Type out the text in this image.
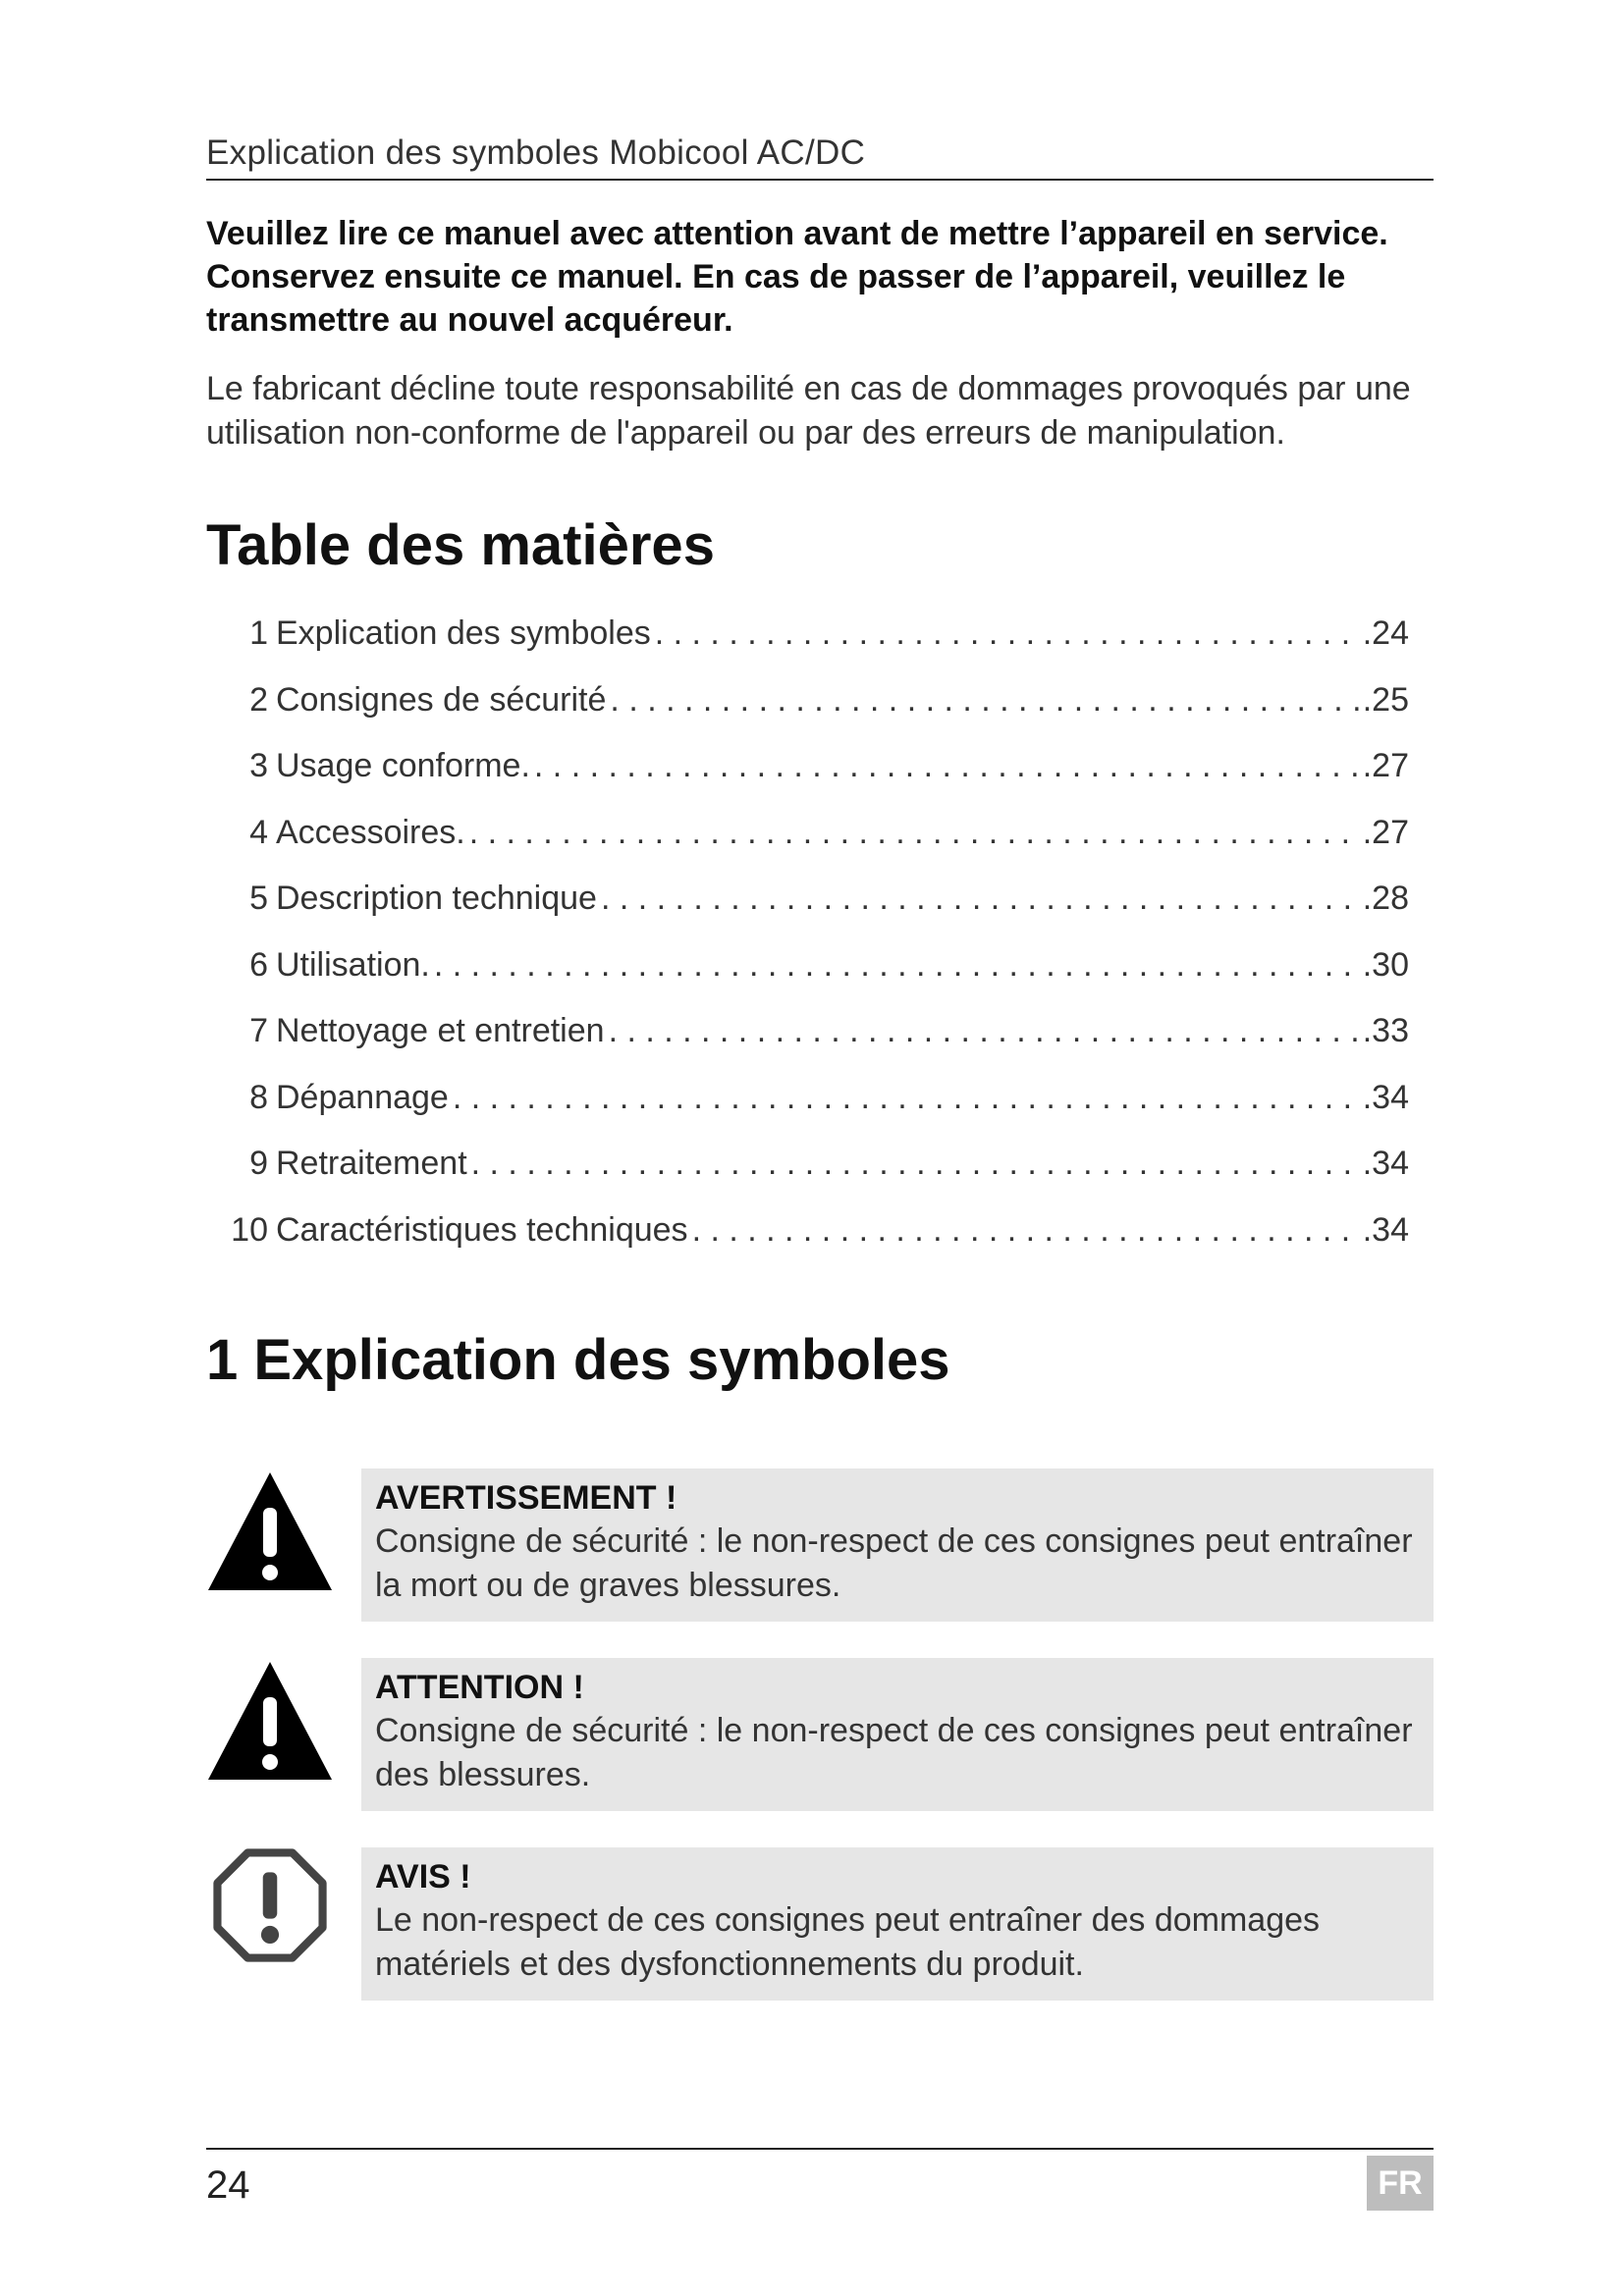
Explication des symboles Mobicool AC/DC
Veuillez lire ce manuel avec attention avant de mettre l’appareil en service. Conservez ensuite ce manuel. En cas de passer de l’appareil, veuillez le transmettre au nouvel acquéreur.
Le fabricant décline toute responsabilité en cas de dommages provoqués par une utilisation non-conforme de l'appareil ou par des erreurs de manipulation.
Table des matières
1 Explication des symboles . . .	.24
2 Consignes de sécurité . . .	.25
3 Usage conforme. . . .	.27
4 Accessoires. . . .	.27
5 Description technique . . .	.28
6 Utilisation. . . .	.30
7 Nettoyage et entretien . . .	.33
8 Dépannage . . .	.34
9 Retraitement . . .	.34
10 Caractéristiques techniques . . .	.34
1 Explication des symboles
AVERTISSEMENT !
Consigne de sécurité : le non-respect de ces consignes peut entraîner la mort ou de graves blessures.
ATTENTION !
Consigne de sécurité : le non-respect de ces consignes peut entraîner des blessures.
AVIS !
Le non-respect de ces consignes peut entraîner des dommages matériels et des dysfonctionnements du produit.
24	FR
